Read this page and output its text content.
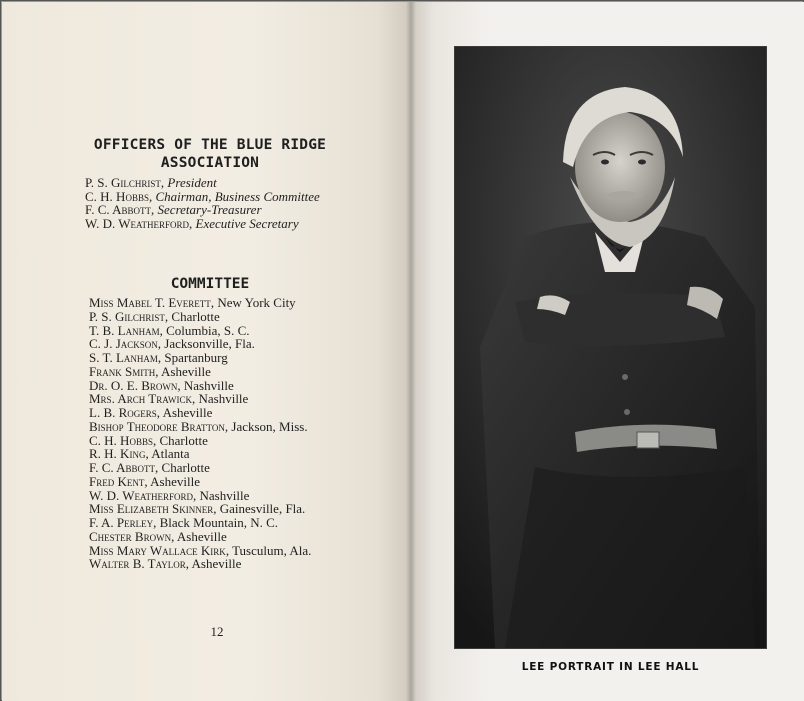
OFFICERS OF THE BLUE RIDGE
ASSOCIATION
P. S. Gilchrist, President
C. H. Hobbs, Chairman, Business Committee
F. C. Abbott, Secretary-Treasurer
W. D. Weatherford, Executive Secretary
COMMITTEE
Miss Mabel T. Everett, New York City
P. S. Gilchrist, Charlotte
T. B. Lanham, Columbia, S. C.
C. J. Jackson, Jacksonville, Fla.
S. T. Lanham, Spartanburg
Frank Smith, Asheville
Dr. O. E. Brown, Nashville
Mrs. Arch Trawick, Nashville
L. B. Rogers, Asheville
Bishop Theodore Bratton, Jackson, Miss.
C. H. Hobbs, Charlotte
R. H. King, Atlanta
F. C. Abbott, Charlotte
Fred Kent, Asheville
W. D. Weatherford, Nashville
Miss Elizabeth Skinner, Gainesville, Fla.
F. A. Perley, Black Mountain, N. C.
Chester Brown, Asheville
Miss Mary Wallace Kirk, Tusculum, Ala.
Walter B. Taylor, Asheville
12
LEE PORTRAIT IN LEE HALL
